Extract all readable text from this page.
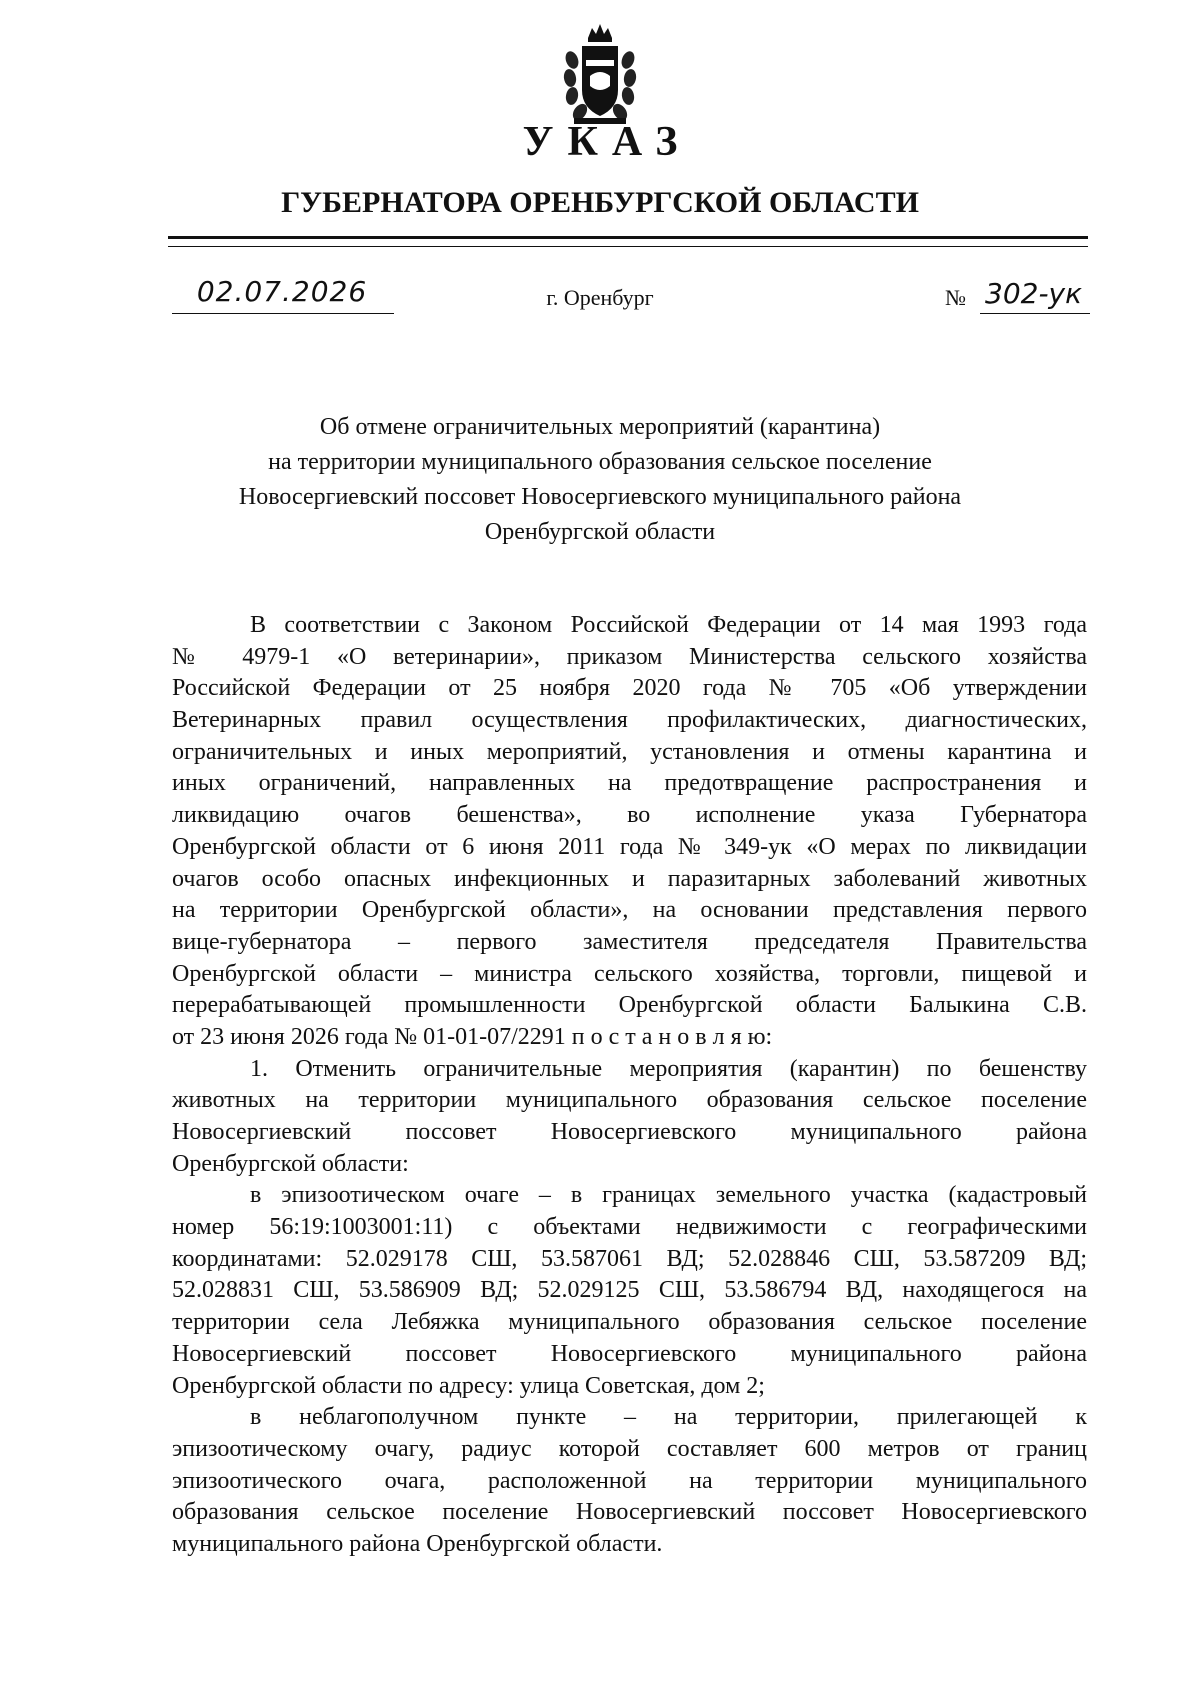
УКАЗ
ГУБЕРНАТОРА ОРЕНБУРГСКОЙ ОБЛАСТИ
02.07.2026	г. Оренбург	№ 302-ук
Об отмене ограничительных мероприятий (карантина)
на территории муниципального образования сельское поселение
Новосергиевский поссовет Новосергиевского муниципального района
Оренбургской области
В соответствии с Законом Российской Федерации от 14 мая 1993 года
№ 4979-1 «О ветеринарии», приказом Министерства сельского хозяйства
Российской Федерации от 25 ноября 2020 года № 705 «Об утверждении
Ветеринарных правил осуществления профилактических, диагностических,
ограничительных и иных мероприятий, установления и отмены карантина и
иных ограничений, направленных на предотвращение распространения и
ликвидацию очагов бешенства», во исполнение указа Губернатора
Оренбургской области от 6 июня 2011 года № 349-ук «О мерах по ликвидации
очагов особо опасных инфекционных и паразитарных заболеваний животных
на территории Оренбургской области», на основании представления первого
вице-губернатора – первого заместителя председателя Правительства
Оренбургской области – министра сельского хозяйства, торговли, пищевой и
перерабатывающей промышленности Оренбургской области Балыкина С.В.
от 23 июня 2026 года № 01-01-07/2291 п о с т а н о в л я ю:
1. Отменить ограничительные мероприятия (карантин) по бешенству
животных на территории муниципального образования сельское поселение
Новосергиевский поссовет Новосергиевского муниципального района
Оренбургской области:
в эпизоотическом очаге – в границах земельного участка (кадастровый
номер 56:19:1003001:11) с объектами недвижимости с географическими
координатами: 52.029178 СШ, 53.587061 ВД; 52.028846 СШ, 53.587209 ВД;
52.028831 СШ, 53.586909 ВД; 52.029125 СШ, 53.586794 ВД, находящегося на
территории села Лебяжка муниципального образования сельское поселение
Новосергиевский поссовет Новосергиевского муниципального района
Оренбургской области по адресу: улица Советская, дом 2;
в неблагополучном пункте – на территории, прилегающей к
эпизоотическому очагу, радиус которой составляет 600 метров от границ
эпизоотического очага, расположенной на территории муниципального
образования сельское поселение Новосергиевский поссовет Новосергиевского
муниципального района Оренбургской области.
